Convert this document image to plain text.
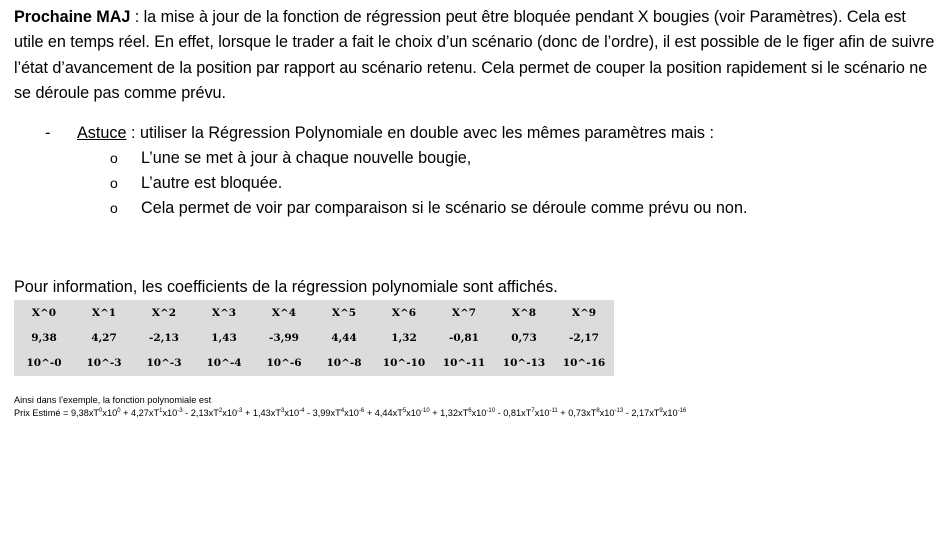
Prochaine MAJ : la mise à jour de la fonction de régression peut être bloquée pendant X bougies (voir Paramètres). Cela est utile en temps réel. En effet, lorsque le trader a fait le choix d’un scénario (donc de l’ordre), il est possible de le figer afin de suivre l’état d’avancement de la position par rapport au scénario retenu. Cela permet de couper la position rapidement si le scénario ne se déroule pas comme prévu.
- Astuce : utiliser la Régression Polynomiale en double avec les mêmes paramètres mais :
o L’une se met à jour à chaque nouvelle bougie,
o L’autre est bloquée.
o Cela permet de voir par comparaison si le scénario se déroule comme prévu ou non.
Pour information, les coefficients de la régression polynomiale sont affichés.
X^0	X^1	X^2	X^3	X^4	X^5	X^6	X^7	X^8	X^9
9,38	4,27	-2,13	1,43	-3,99	4,44	1,32	-0,81	0,73	-2,17
10^-0	10^-3	10^-3	10^-4	10^-6	10^-8	10^-10	10^-11	10^-13	10^-16
Ainsi dans l’exemple, la fonction polynomiale est
Prix Estimé = $9,38xT^0x10^0 + 4,27xT^1x10^{-3} - 2,13xT^2x10^{-3} + 1,43xT^3x10^{-4} - 3,99xT^4x10^{-6} + 4,44xT^5x10^{-10} + 1,32xT^6x10^{-10} - 0,81xT^7x10^{-11} + 0,73xT^8x10^{-13} - 2,17xT^9x10^{-16}$
